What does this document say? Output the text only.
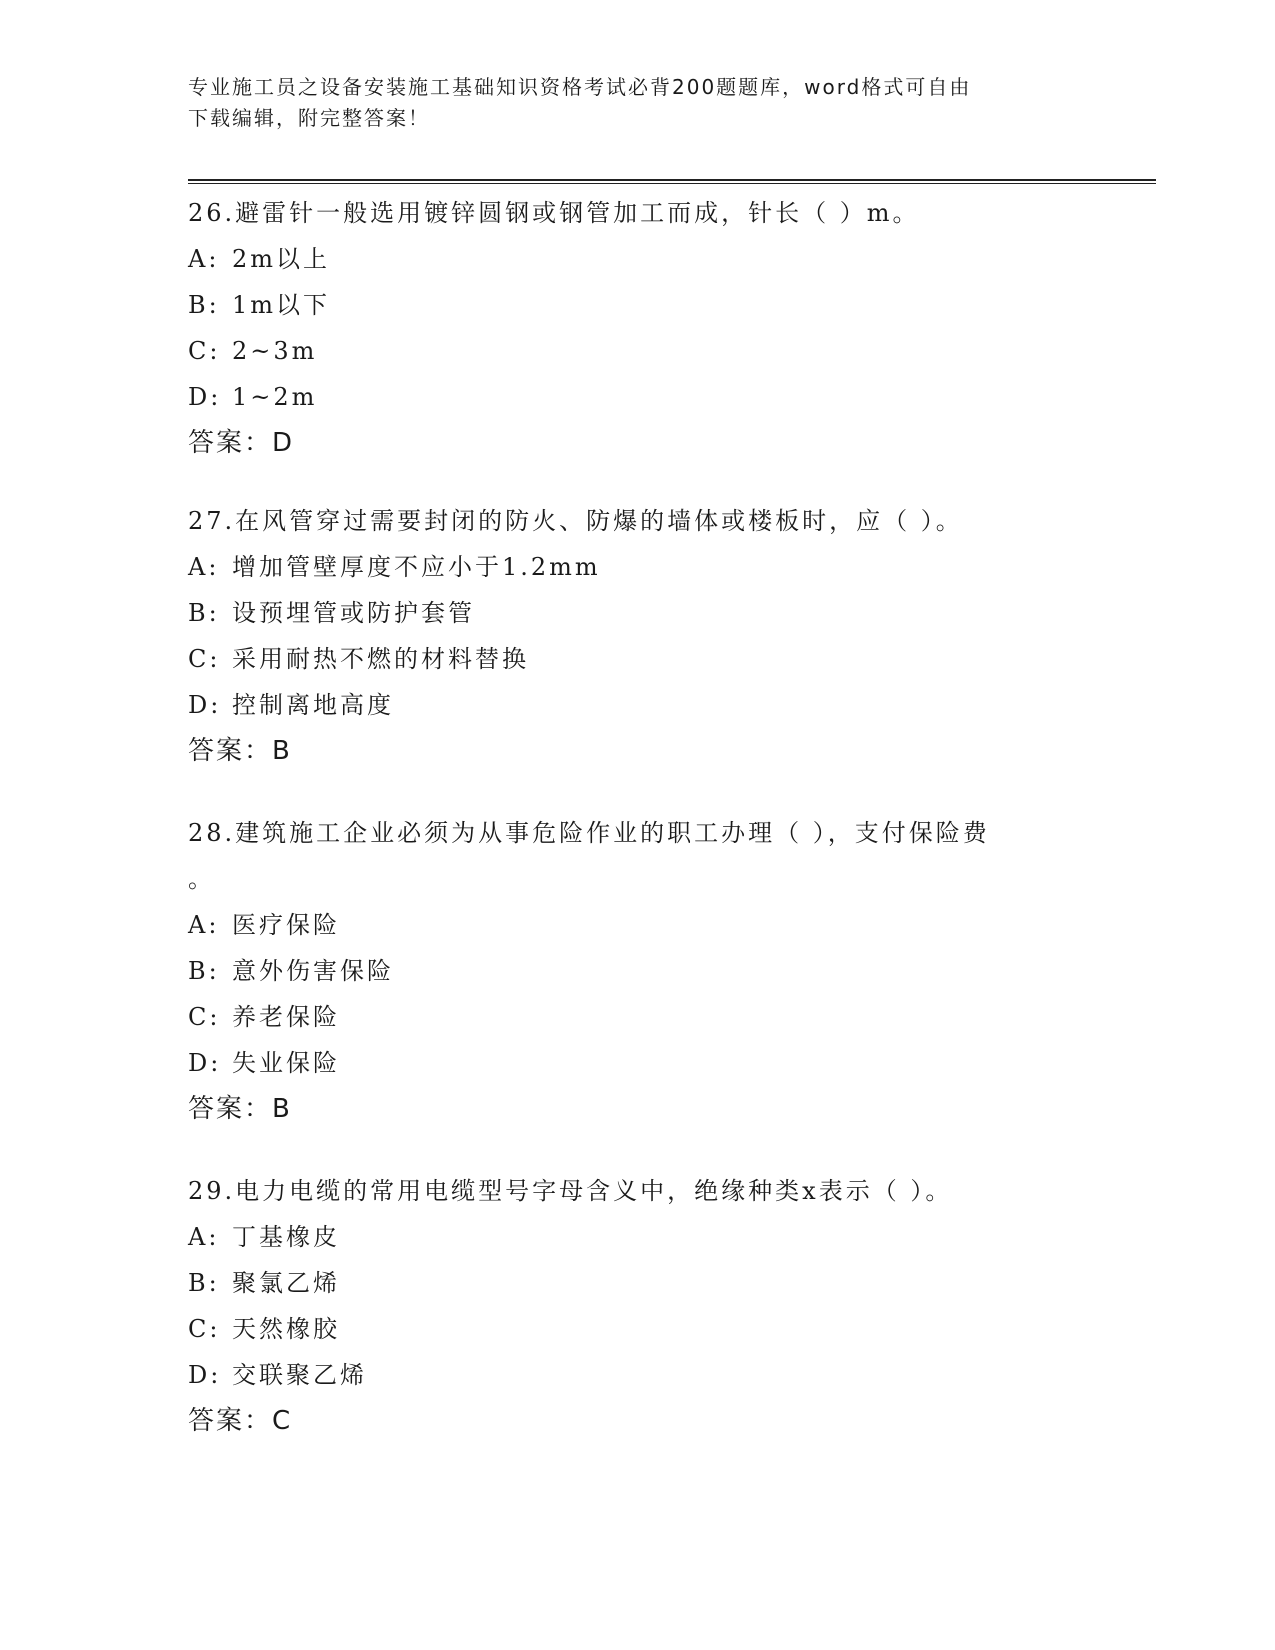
专业施工员之设备安装施工基础知识资格考试必背200题题库，word格式可自由
下载编辑，附完整答案！
26.避雷针一般选用镀锌圆钢或钢管加工而成，针长（ ）m。
A: 2m以上
B: 1m以下
C: 2~3m
D: 1~2m
答案：D
27.在风管穿过需要封闭的防火、防爆的墙体或楼板时，应（ ）。
A: 增加管壁厚度不应小于1.2mm
B: 设预埋管或防护套管
C: 采用耐热不燃的材料替换
D: 控制离地高度
答案：B
28.建筑施工企业必须为从事危险作业的职工办理（ ），支付保险费
。
A: 医疗保险
B: 意外伤害保险
C: 养老保险
D: 失业保险
答案：B
29.电力电缆的常用电缆型号字母含义中，绝缘种类x表示（ ）。
A: 丁基橡皮
B: 聚氯乙烯
C: 天然橡胶
D: 交联聚乙烯
答案：C
